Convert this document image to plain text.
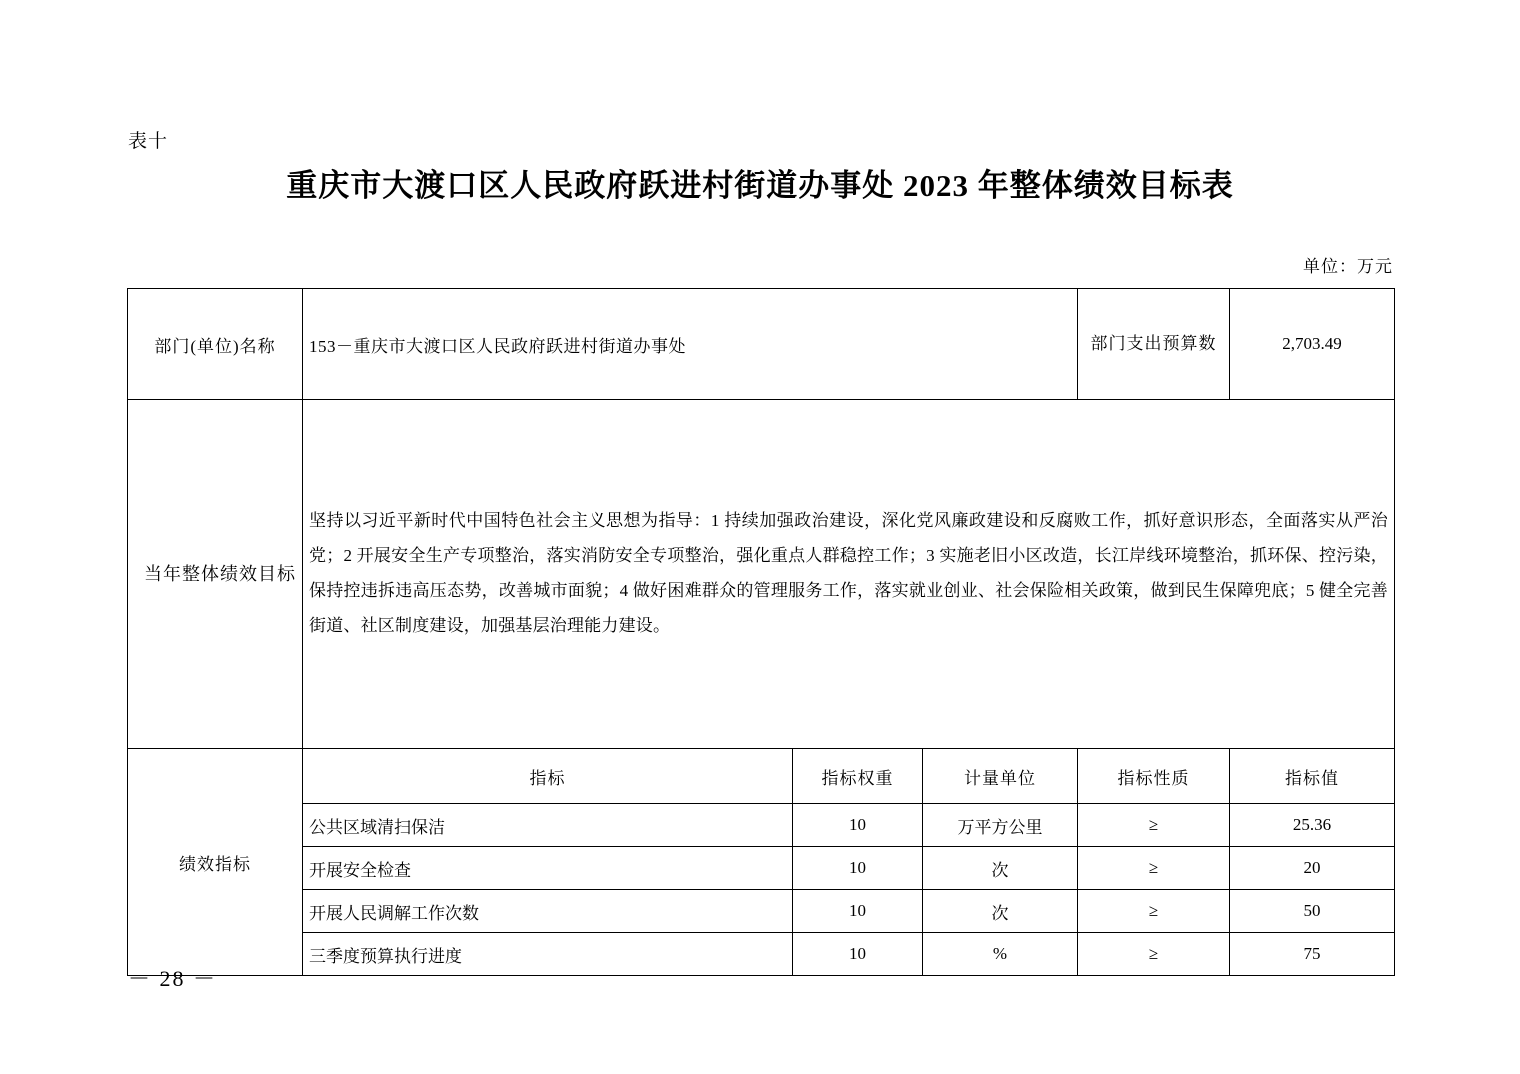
表十
重庆市大渡口区人民政府跃进村街道办事处 2023 年整体绩效目标表
单位：万元
部门(单位)名称	153－重庆市大渡口区人民政府跃进村街道办事处			部门支出预算数	2,703.49

当年整体绩效目标	坚持以习近平新时代中国特色社会主义思想为指导：1 持续加强政治建设，深化党风廉政建设和反腐败工作，抓好意识形态，全面落实从严治党；2 开展安全生产专项整治，落实消防安全专项整治，强化重点人群稳控工作；3 实施老旧小区改造，长江岸线环境整治，抓环保、控污染，保持控违拆违高压态势，改善城市面貌；4 做好困难群众的管理服务工作，落实就业创业、社会保险相关政策，做到民生保障兜底；5 健全完善街道、社区制度建设，加强基层治理能力建设。				
绩效指标	指标	指标权重	计量单位	指标性质	指标值
	公共区域清扫保洁	10	万平方公里	≥	25.36
	开展安全检查	10	次	≥	20
	开展人民调解工作次数	10	次	≥	50
	三季度预算执行进度	10	%	≥	75
－ 28 －
